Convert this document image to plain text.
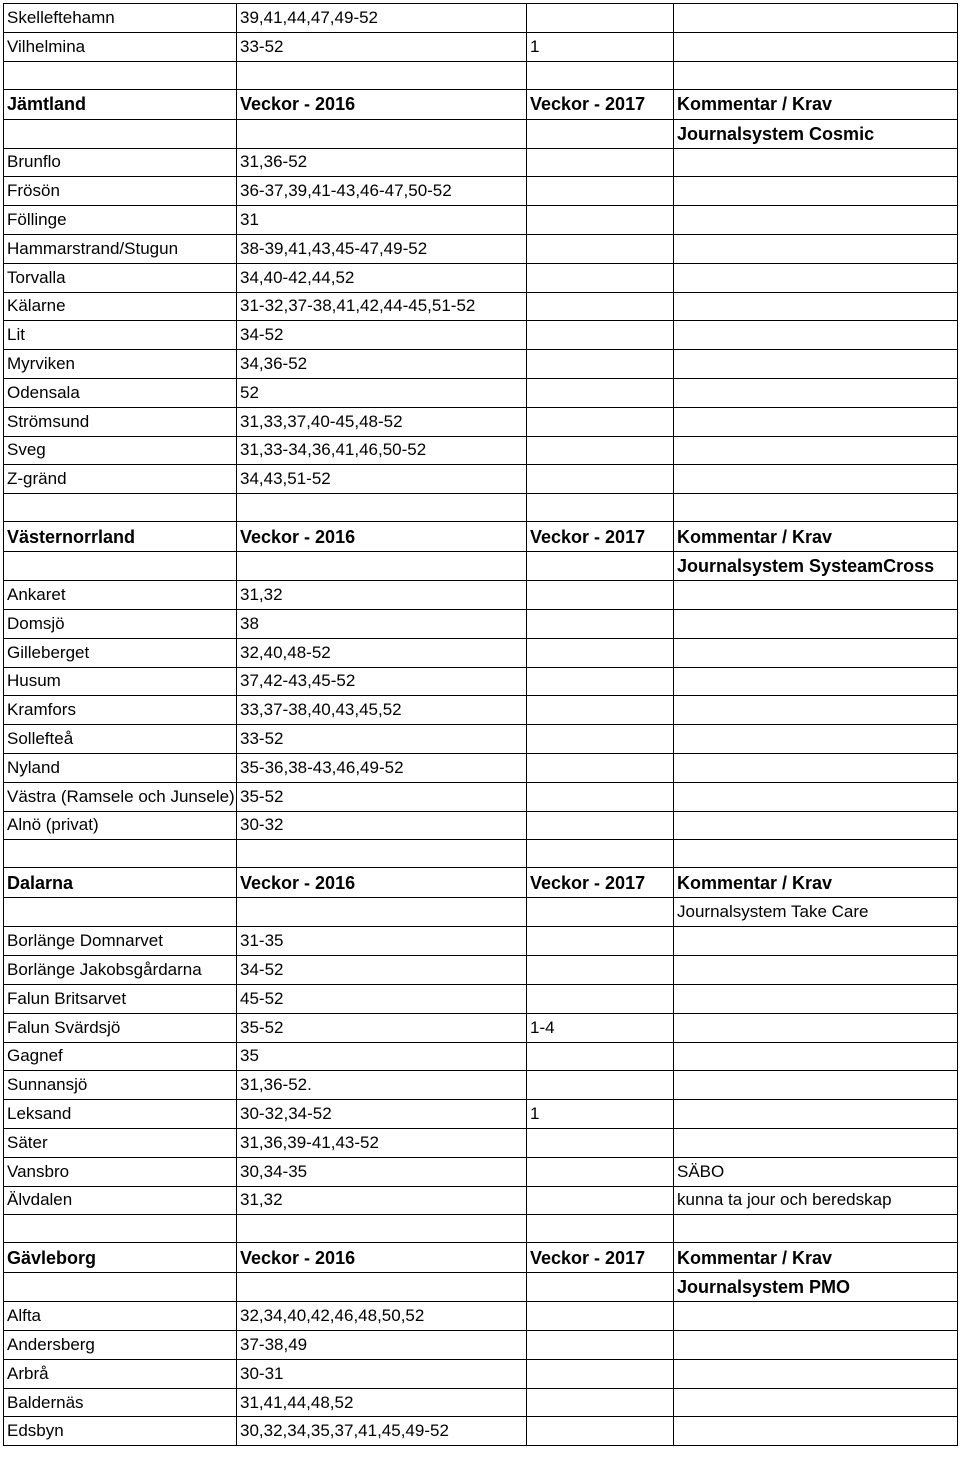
Skelleftehamn	39,41,44,47,49-52		
Vilhelmina	33-52	1	

Jämtland	Veckor - 2016	Veckor - 2017	Kommentar / Krav
			Journalsystem Cosmic
Brunflo	31,36-52		
Frösön	36-37,39,41-43,46-47,50-52		
Föllinge	31		
Hammarstrand/Stugun	38-39,41,43,45-47,49-52		
Torvalla	34,40-42,44,52		
Kälarne	31-32,37-38,41,42,44-45,51-52		
Lit	34-52		
Myrviken	34,36-52		
Odensala	52		
Strömsund	31,33,37,40-45,48-52		
Sveg	31,33-34,36,41,46,50-52		
Z-gränd	34,43,51-52		

Västernorrland	Veckor - 2016	Veckor - 2017	Kommentar / Krav
			Journalsystem SysteamCross
Ankaret	31,32		
Domsjö	38		
Gilleberget	32,40,48-52		
Husum	37,42-43,45-52		
Kramfors	33,37-38,40,43,45,52		
Sollefteå	33-52		
Nyland	35-36,38-43,46,49-52		
Västra (Ramsele och Junsele)	35-52		
Alnö (privat)	30-32		

Dalarna	Veckor - 2016	Veckor - 2017	Kommentar / Krav
			Journalsystem Take Care
Borlänge Domnarvet	31-35		
Borlänge Jakobsgårdarna	34-52		
Falun Britsarvet	45-52		
Falun Svärdsjö	35-52	1-4	
Gagnef	35		
Sunnansjö	31,36-52.		
Leksand	30-32,34-52	1	
Säter	31,36,39-41,43-52		
Vansbro	30,34-35		SÄBO
Älvdalen	31,32		kunna ta jour och beredskap

Gävleborg	Veckor - 2016	Veckor - 2017	Kommentar / Krav
			Journalsystem PMO
Alfta	32,34,40,42,46,48,50,52		
Andersberg	37-38,49		
Arbrå	30-31		
Baldernäs	31,41,44,48,52		
Edsbyn	30,32,34,35,37,41,45,49-52		
